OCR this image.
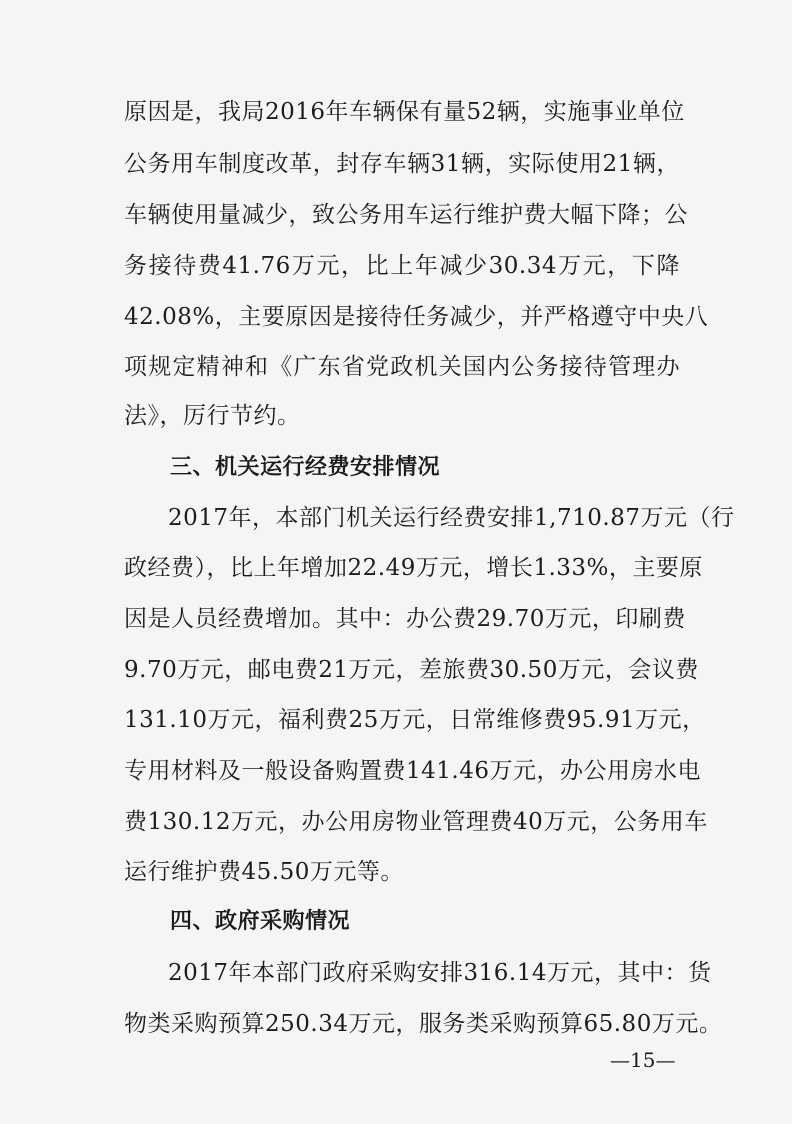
原因是，我局2016年车辆保有量52辆，实施事业单位
公务用车制度改革，封存车辆31辆，实际使用21辆，
车辆使用量减少，致公务用车运行维护费大幅下降；公
务接待费41.76万元，比上年减少30.34万元，下降
42.08%，主要原因是接待任务减少，并严格遵守中央八
项规定精神和《广东省党政机关国内公务接待管理办
法》，厉行节约。
三、机关运行经费安排情况
2017年，本部门机关运行经费安排1,710.87万元（行
政经费），比上年增加22.49万元，增长1.33%，主要原
因是人员经费增加。其中：办公费29.70万元，印刷费
9.70万元，邮电费21万元，差旅费30.50万元，会议费
131.10万元，福利费25万元，日常维修费95.91万元，
专用材料及一般设备购置费141.46万元，办公用房水电
费130.12万元，办公用房物业管理费40万元，公务用车
运行维护费45.50万元等。
四、政府采购情况
2017年本部门政府采购安排316.14万元，其中：货
物类采购预算250.34万元，服务类采购预算65.80万元。
—15—
